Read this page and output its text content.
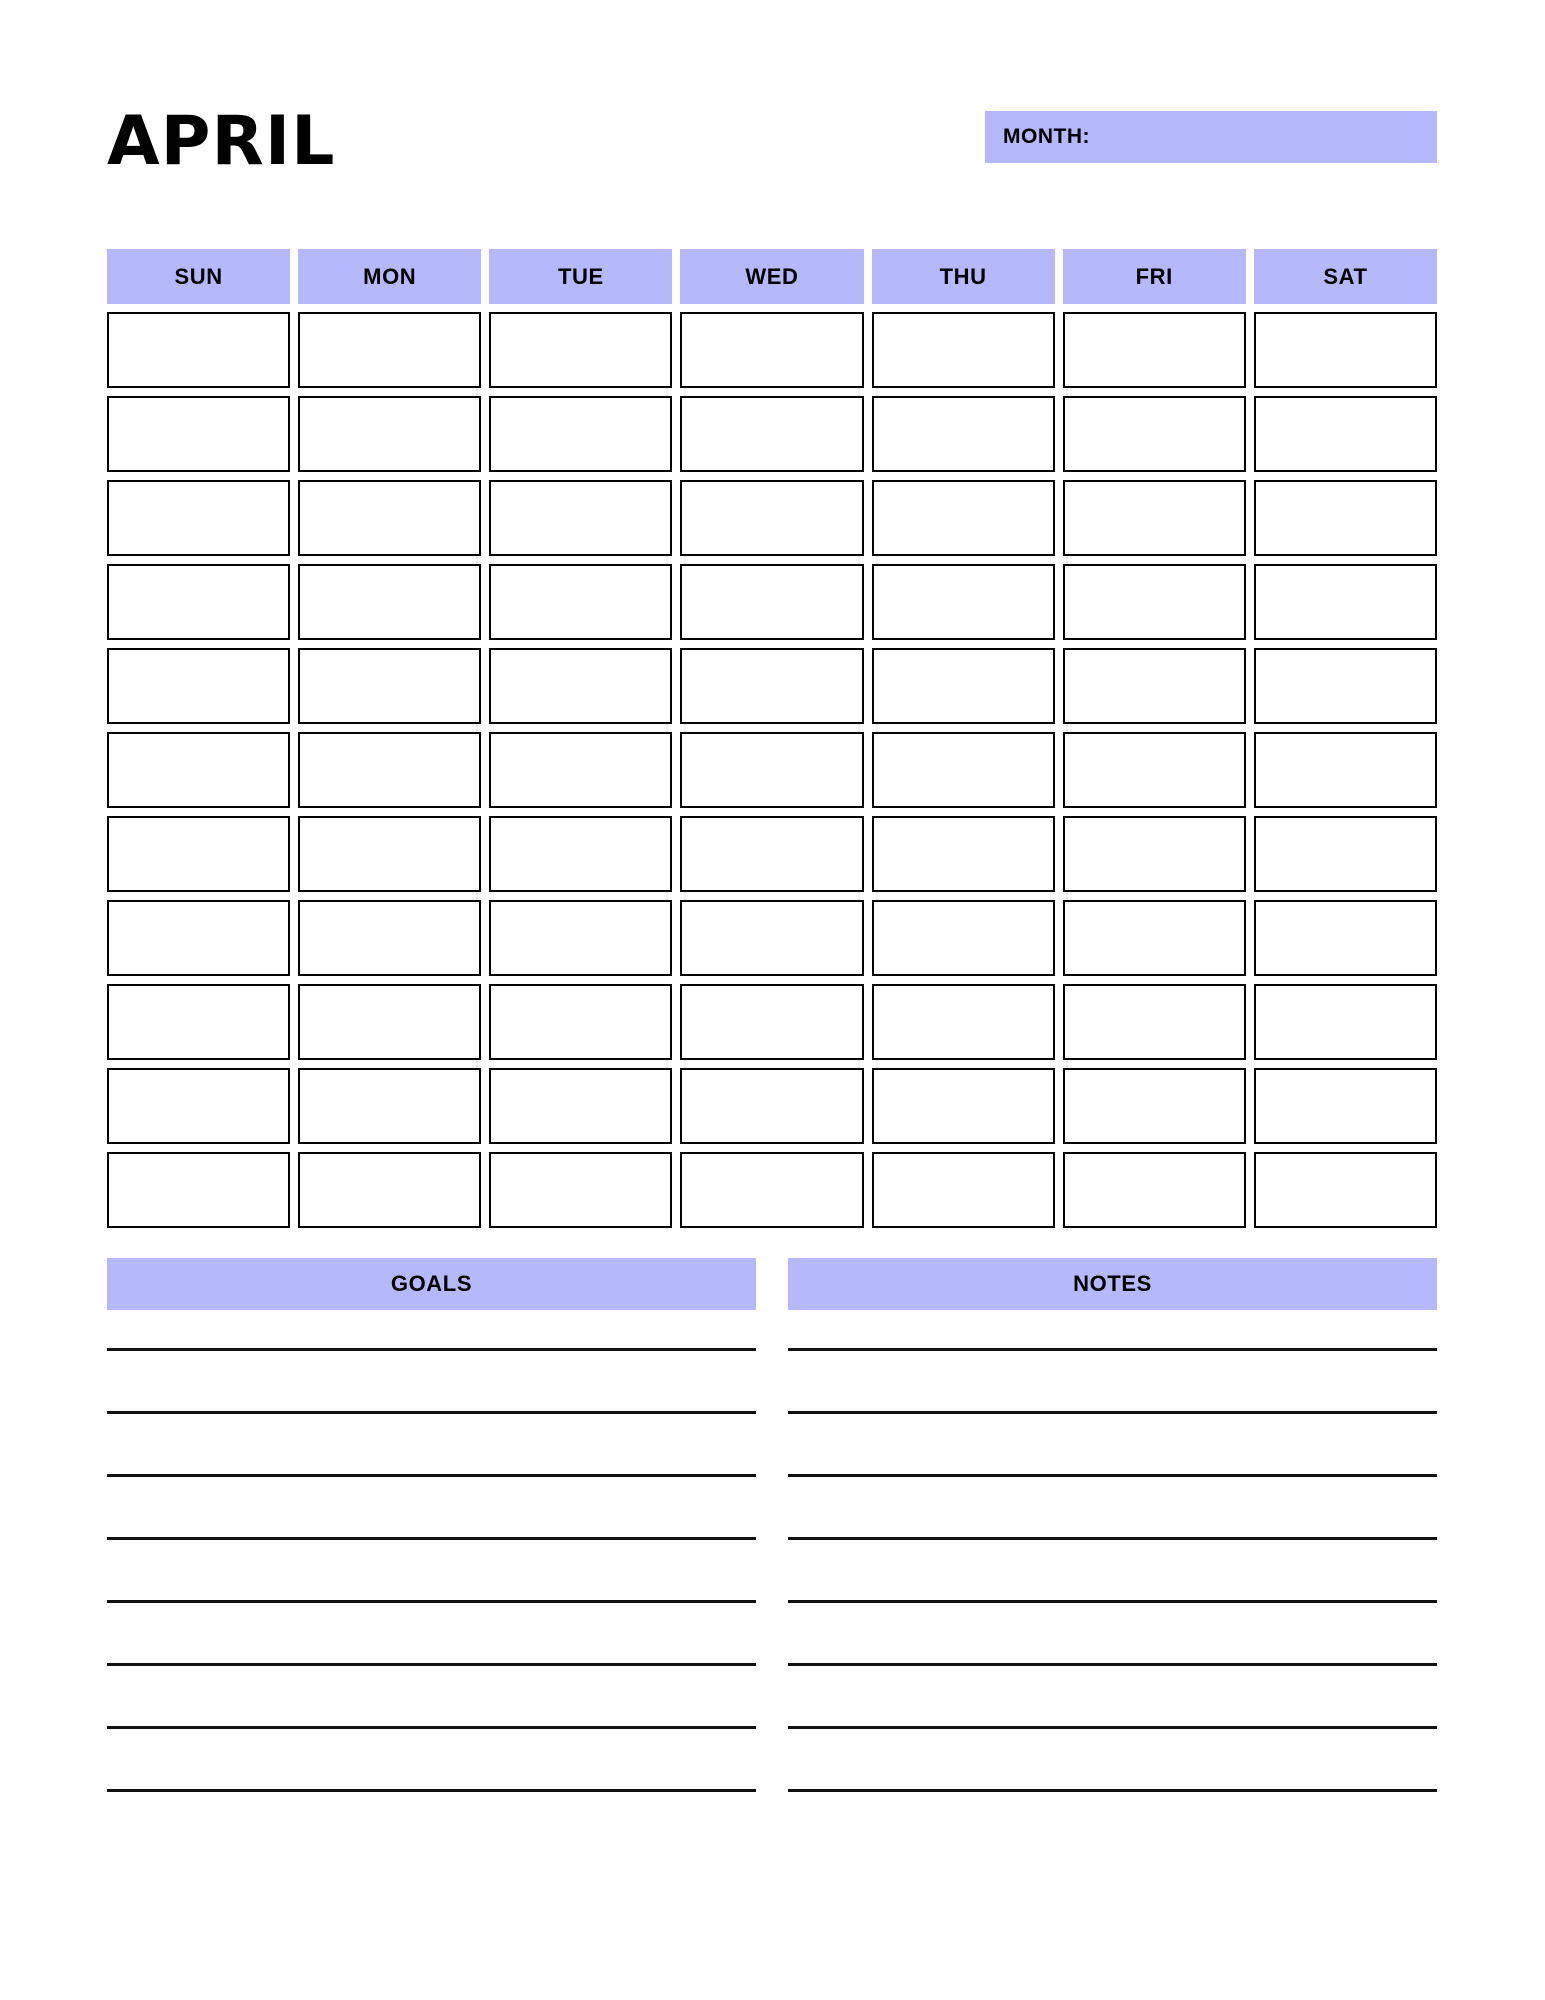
APRIL	MONTH:
SUN	MON	TUE	WED	THU	FRI	SAT
GOALS	NOTES
